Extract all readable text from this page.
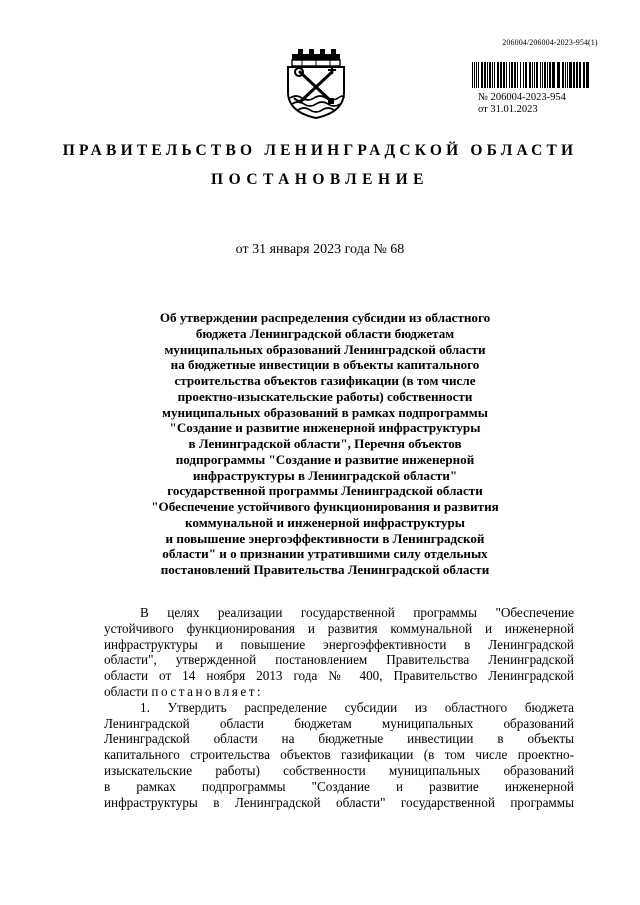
206004/206004-2023-954(1)
№ 206004-2023-954
от 31.01.2023
ПРАВИТЕЛЬСТВО ЛЕНИНГРАДСКОЙ ОБЛАСТИ
ПОСТАНОВЛЕНИЕ
от 31 января 2023 года № 68
Об утверждении распределения субсидии из областного
бюджета Ленинградской области бюджетам
муниципальных образований Ленинградской области
на бюджетные инвестиции в объекты капитального
строительства объектов газификации (в том числе
проектно-изыскательские работы) собственности
муниципальных образований в рамках подпрограммы
"Создание и развитие инженерной инфраструктуры
в Ленинградской области", Перечня объектов
подпрограммы "Создание и развитие инженерной
инфраструктуры в Ленинградской области"
государственной программы Ленинградской области
"Обеспечение устойчивого функционирования и развития
коммунальной и инженерной инфраструктуры
и повышение энергоэффективности в Ленинградской
области" и о признании утратившими силу отдельных
постановлений Правительства Ленинградской области
В целях реализации государственной программы "Обеспечение
устойчивого функционирования и развития коммунальной и инженерной
инфраструктуры и повышение энергоэффективности в Ленинградской
области", утвержденной постановлением Правительства Ленинградской
области от 14 ноября 2013 года № 400, Правительство Ленинградской
области постановляет:
1. Утвердить распределение субсидии из областного бюджета
Ленинградской области бюджетам муниципальных образований
Ленинградской области на бюджетные инвестиции в объекты
капитального строительства объектов газификации (в том числе проектно-
изыскательские работы) собственности муниципальных образований
в рамках подпрограммы "Создание и развитие инженерной
инфраструктуры в Ленинградской области" государственной программы
